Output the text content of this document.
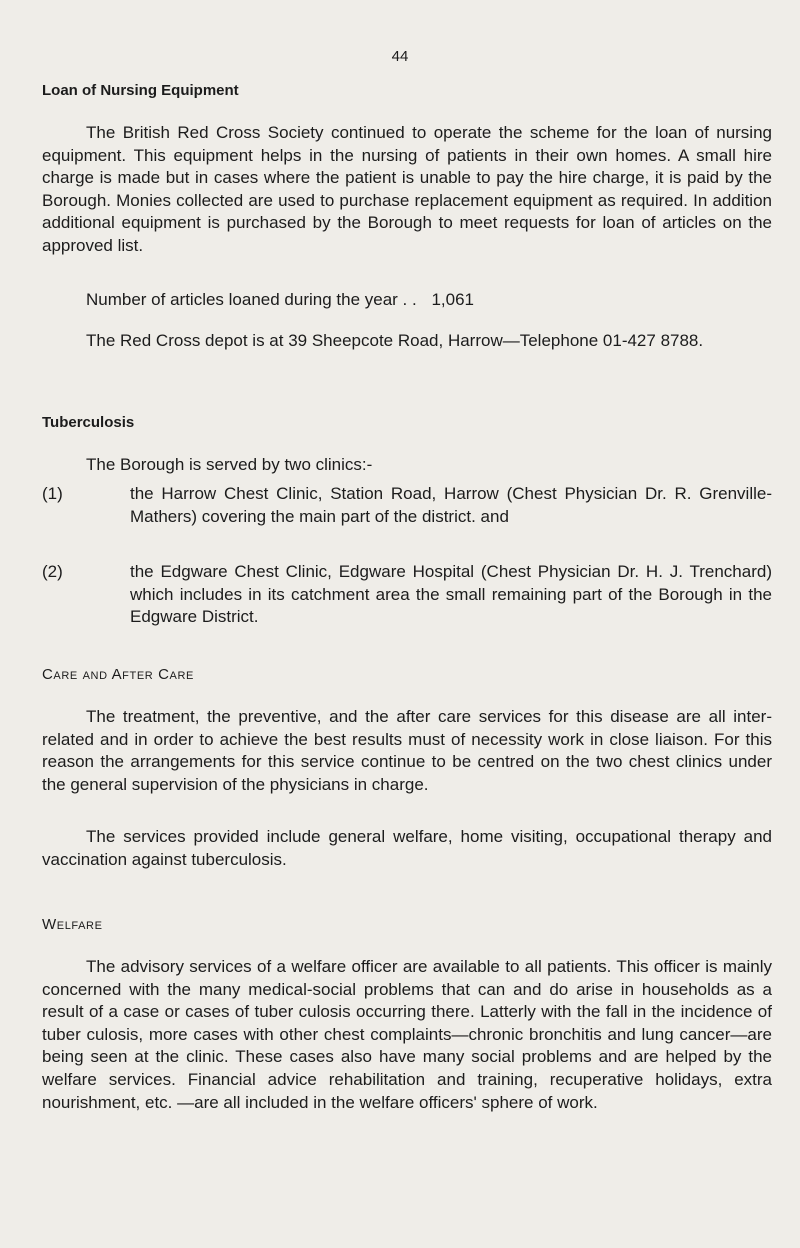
44
Loan of Nursing Equipment

The British Red Cross Society continued to operate the scheme for the loan of nursing equipment. This equipment helps in the nursing of patients in their own homes. A small hire charge is made but in cases where the patient is unable to pay the hire charge, it is paid by the Borough. Monies collected are used to purchase replacement equipment as required. In addition additional equipment is purchased by the Borough to meet requests for loan of articles on the approved list.

Number of articles loaned during the year . . 1,061

The Red Cross depot is at 39 Sheepcote Road, Harrow—Telephone 01-427 8788.

Tuberculosis
The Borough is served by two clinics:-
(1)	the Harrow Chest Clinic, Station Road, Harrow (Chest Physician Dr. R. Grenville-Mathers) covering the main part of the district. and
(2)	the Edgware Chest Clinic, Edgware Hospital (Chest Physician Dr. H. J. Trenchard) which includes in its catchment area the small remaining part of the Borough in the Edgware District.
Care and After Care

The treatment, the preventive, and the after care services for this disease are all inter-related and in order to achieve the best results must of necessity work in close liaison. For this reason the arrangements for this service continue to be centred on the two chest clinics under the general supervision of the physicians in charge.

The services provided include general welfare, home visiting, occupational therapy and vaccination against tuberculosis.

Welfare

The advisory services of a welfare officer are available to all patients. This officer is mainly concerned with the many medical-social problems that can and do arise in households as a result of a case or cases of tuber culosis occurring there. Latterly with the fall in the incidence of tuber culosis, more cases with other chest complaints—chronic bronchitis and lung cancer—are being seen at the clinic. These cases also have many social problems and are helped by the welfare services. Financial advice rehabilitation and training, recuperative holidays, extra nourishment, etc. —are all included in the welfare officers' sphere of work.
